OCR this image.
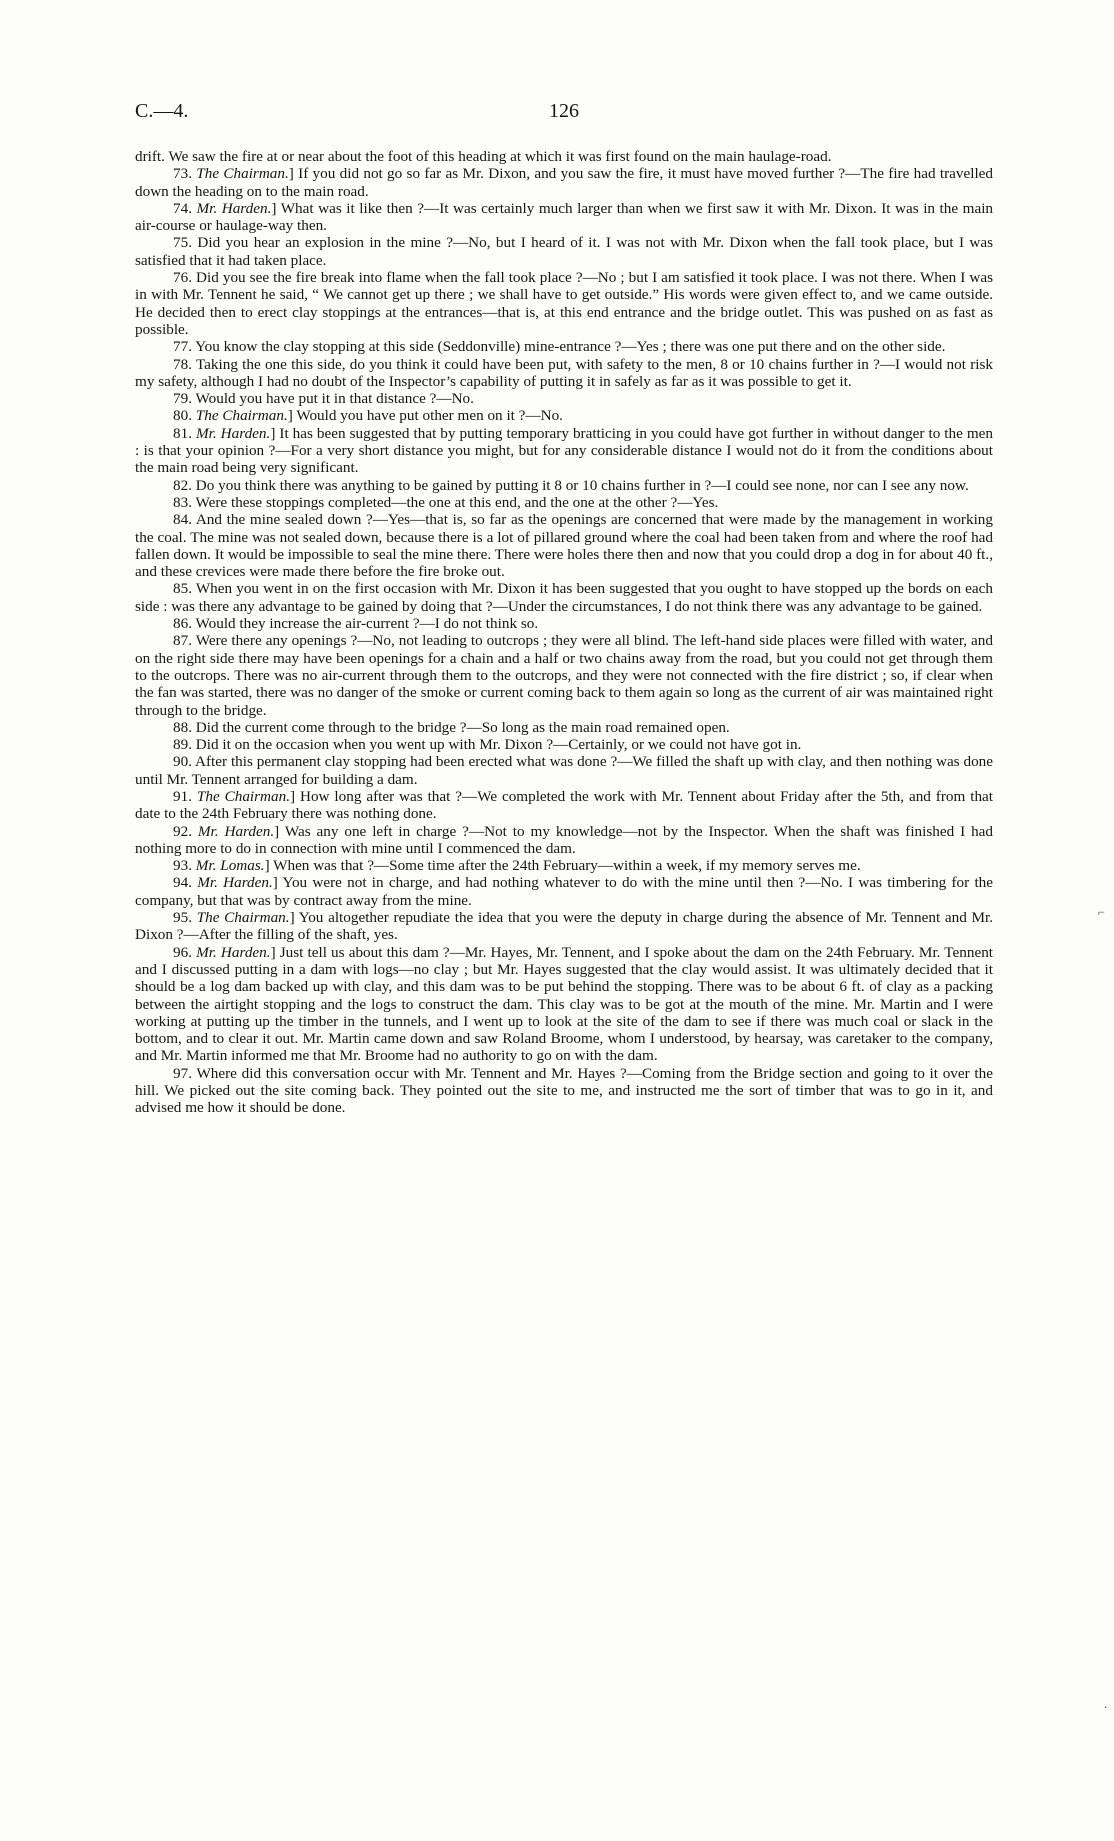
C.—4.	126

drift. We saw the fire at or near about the foot of this heading at which it was first found on the main haulage-road.

73. The Chairman.] If you did not go so far as Mr. Dixon, and you saw the fire, it must have moved further ?—The fire had travelled down the heading on to the main road.

74. Mr. Harden.] What was it like then ?—It was certainly much larger than when we first saw it with Mr. Dixon. It was in the main air-course or haulage-way then.

75. Did you hear an explosion in the mine ?—No, but I heard of it. I was not with Mr. Dixon when the fall took place, but I was satisfied that it had taken place.

76. Did you see the fire break into flame when the fall took place ?—No ; but I am satisfied it took place. I was not there. When I was in with Mr. Tennent he said, “ We cannot get up there ; we shall have to get outside.” His words were given effect to, and we came outside. He decided then to erect clay stoppings at the entrances—that is, at this end entrance and the bridge outlet. This was pushed on as fast as possible.

77. You know the clay stopping at this side (Seddonville) mine-entrance ?—Yes ; there was one put there and on the other side.

78. Taking the one this side, do you think it could have been put, with safety to the men, 8 or 10 chains further in ?—I would not risk my safety, although I had no doubt of the Inspector’s capability of putting it in safely as far as it was possible to get it.

79. Would you have put it in that distance ?—No.

80. The Chairman.] Would you have put other men on it ?—No.

81. Mr. Harden.] It has been suggested that by putting temporary bratticing in you could have got further in without danger to the men : is that your opinion ?—For a very short distance you might, but for any considerable distance I would not do it from the conditions about the main road being very significant.

82. Do you think there was anything to be gained by putting it 8 or 10 chains further in ?—I could see none, nor can I see any now.

83. Were these stoppings completed—the one at this end, and the one at the other ?—Yes.

84. And the mine sealed down ?—Yes—that is, so far as the openings are concerned that were made by the management in working the coal. The mine was not sealed down, because there is a lot of pillared ground where the coal had been taken from and where the roof had fallen down. It would be impossible to seal the mine there. There were holes there then and now that you could drop a dog in for about 40 ft., and these crevices were made there before the fire broke out.

85. When you went in on the first occasion with Mr. Dixon it has been suggested that you ought to have stopped up the bords on each side : was there any advantage to be gained by doing that ?—Under the circumstances, I do not think there was any advantage to be gained.

86. Would they increase the air-current ?—I do not think so.

87. Were there any openings ?—No, not leading to outcrops ; they were all blind. The left-hand side places were filled with water, and on the right side there may have been openings for a chain and a half or two chains away from the road, but you could not get through them to the outcrops. There was no air-current through them to the outcrops, and they were not connected with the fire district ; so, if clear when the fan was started, there was no danger of the smoke or current coming back to them again so long as the current of air was maintained right through to the bridge.

88. Did the current come through to the bridge ?—So long as the main road remained open.

89. Did it on the occasion when you went up with Mr. Dixon ?—Certainly, or we could not have got in.

90. After this permanent clay stopping had been erected what was done ?—We filled the shaft up with clay, and then nothing was done until Mr. Tennent arranged for building a dam.

91. The Chairman.] How long after was that ?—We completed the work with Mr. Tennent about Friday after the 5th, and from that date to the 24th February there was nothing done.

92. Mr. Harden.] Was any one left in charge ?—Not to my knowledge—not by the Inspector. When the shaft was finished I had nothing more to do in connection with mine until I commenced the dam.

93. Mr. Lomas.] When was that ?—Some time after the 24th February—within a week, if my memory serves me.

94. Mr. Harden.] You were not in charge, and had nothing whatever to do with the mine until then ?—No. I was timbering for the company, but that was by contract away from the mine.

95. The Chairman.] You altogether repudiate the idea that you were the deputy in charge during the absence of Mr. Tennent and Mr. Dixon ?—After the filling of the shaft, yes.

96. Mr. Harden.] Just tell us about this dam ?—Mr. Hayes, Mr. Tennent, and I spoke about the dam on the 24th February. Mr. Tennent and I discussed putting in a dam with logs—no clay ; but Mr. Hayes suggested that the clay would assist. It was ultimately decided that it should be a log dam backed up with clay, and this dam was to be put behind the stopping. There was to be about 6 ft. of clay as a packing between the airtight stopping and the logs to construct the dam. This clay was to be got at the mouth of the mine. Mr. Martin and I were working at putting up the timber in the tunnels, and I went up to look at the site of the dam to see if there was much coal or slack in the bottom, and to clear it out. Mr. Martin came down and saw Roland Broome, whom I understood, by hearsay, was caretaker to the company, and Mr. Martin informed me that Mr. Broome had no authority to go on with the dam.

97. Where did this conversation occur with Mr. Tennent and Mr. Hayes ?—Coming from the Bridge section and going to it over the hill. We picked out the site coming back. They pointed out the site to me, and instructed me the sort of timber that was to go in it, and advised me how it should be done.

⌐
∙
